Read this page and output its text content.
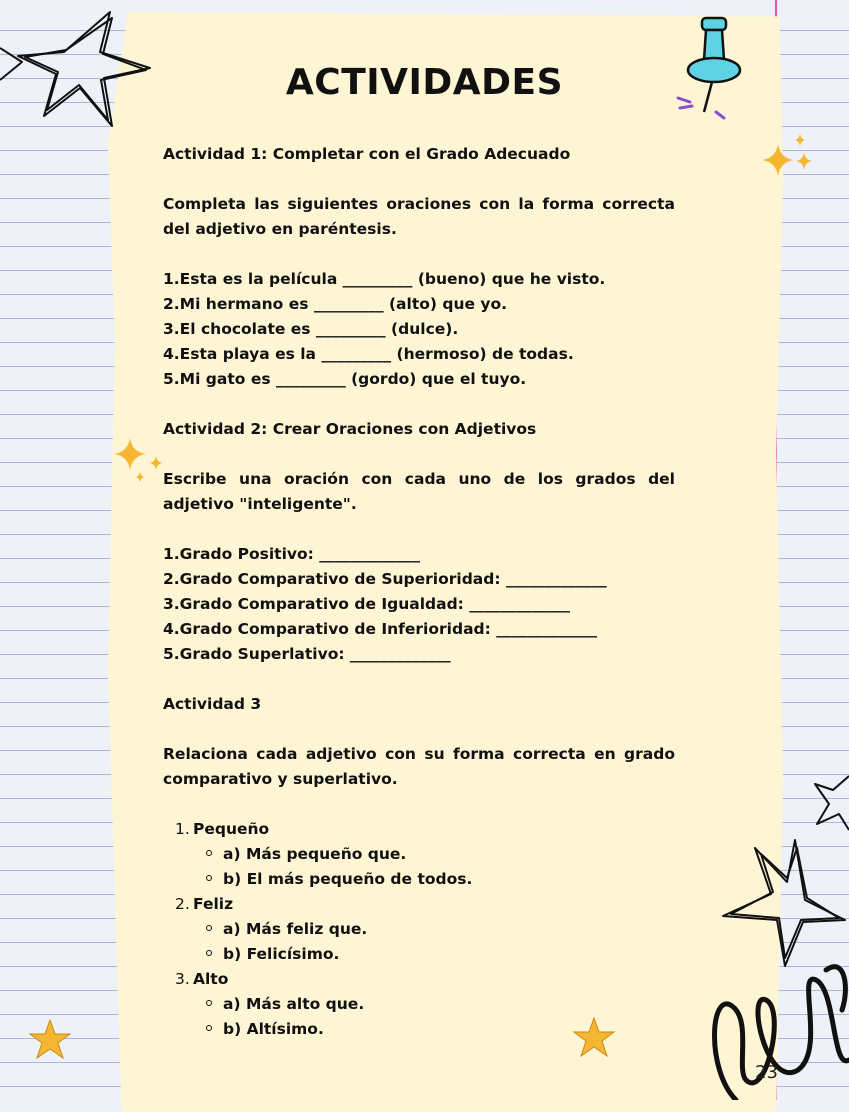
ACTIVIDADES

Actividad 1: Completar con el Grado Adecuado

Completa las siguientes oraciones con la forma correcta del adjetivo en paréntesis.

1.Esta es la película _________ (bueno) que he visto.

2.Mi hermano es _________ (alto) que yo.

3.El chocolate es _________ (dulce).

4.Esta playa es la _________ (hermoso) de todas.

5.Mi gato es _________ (gordo) que el tuyo.

Actividad 2: Crear Oraciones con Adjetivos

Escribe una oración con cada uno de los grados del adjetivo "inteligente".

1.Grado Positivo: _____________

2.Grado Comparativo de Superioridad: _____________

3.Grado Comparativo de Igualdad: _____________

4.Grado Comparativo de Inferioridad: _____________

5.Grado Superlativo: _____________

Actividad 3

Relaciona cada adjetivo con su forma correcta en grado comparativo y superlativo.

1. Pequeño
a) Más pequeño que.
b) El más pequeño de todos.
2. Feliz
a) Más feliz que.
b) Felicísimo.
3. Alto
a) Más alto que.
b) Altísimo.
23
